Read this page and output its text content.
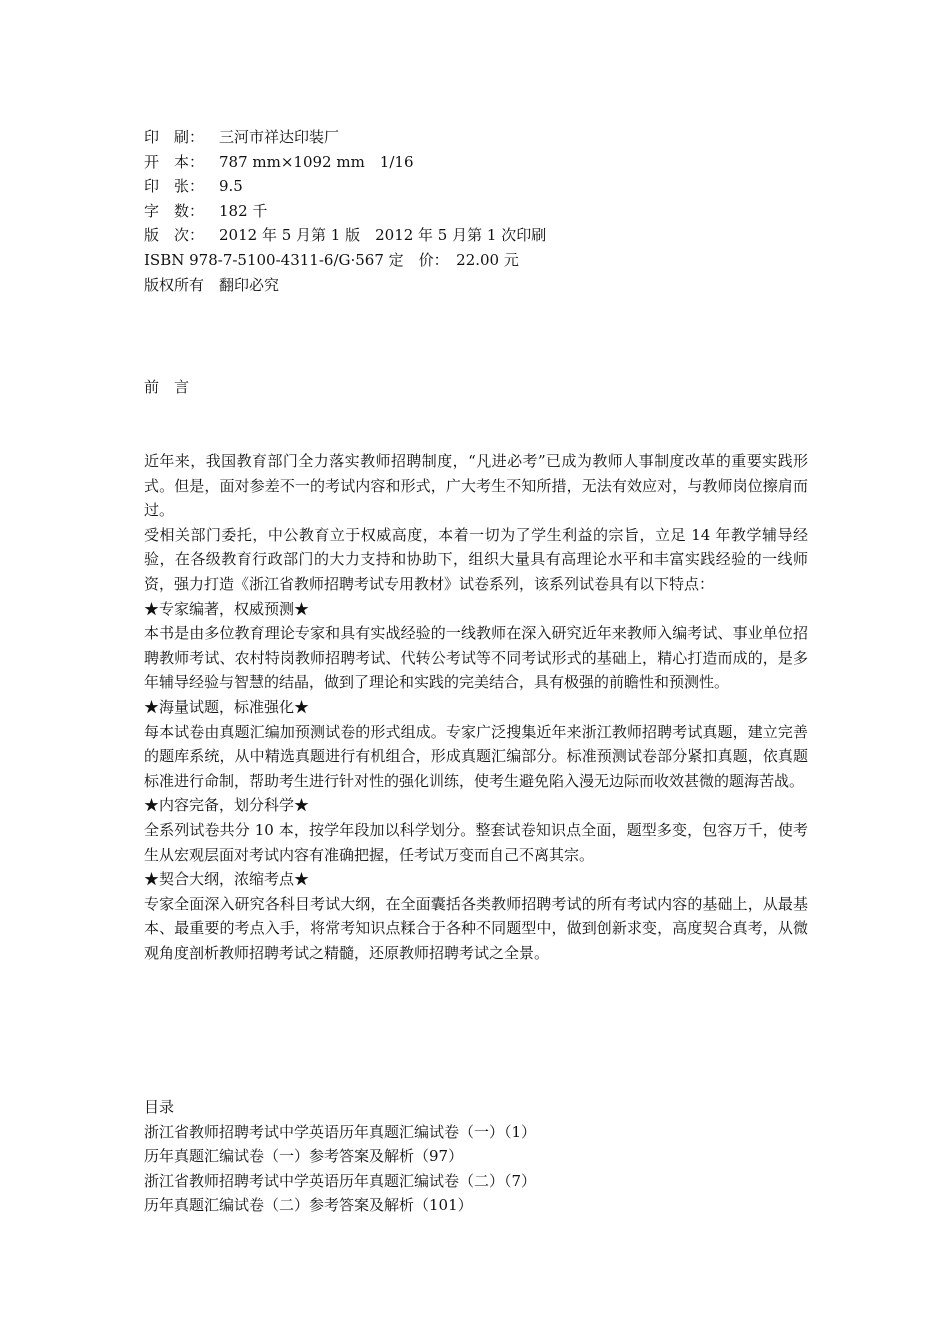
印　刷： 三河市祥达印装厂
开　本： 787 mm×1092 mm　1/16
印　张： 9.5
字　数： 182 千
版　次： 2012 年 5 月第 1 版　2012 年 5 月第 1 次印刷
ISBN 978-7-5100-4311-6/G·567 定　价：　22.00 元
版权所有　翻印必究
前　言
近年来，我国教育部门全力落实教师招聘制度，“凡进必考”已成为教师人事制度改革的重要实践形式。但是，面对参差不一的考试内容和形式，广大考生不知所措，无法有效应对，与教师岗位擦肩而过。
受相关部门委托，中公教育立于权威高度，本着一切为了学生利益的宗旨，立足 14 年教学辅导经验，在各级教育行政部门的大力支持和协助下，组织大量具有高理论水平和丰富实践经验的一线师资，强力打造《浙江省教师招聘考试专用教材》试卷系列，该系列试卷具有以下特点：
★专家编著，权威预测★
本书是由多位教育理论专家和具有实战经验的一线教师在深入研究近年来教师入编考试、事业单位招聘教师考试、农村特岗教师招聘考试、代转公考试等不同考试形式的基础上，精心打造而成的，是多年辅导经验与智慧的结晶，做到了理论和实践的完美结合，具有极强的前瞻性和预测性。
★海量试题，标准强化★
每本试卷由真题汇编加预测试卷的形式组成。专家广泛搜集近年来浙江教师招聘考试真题，建立完善的题库系统，从中精选真题进行有机组合，形成真题汇编部分。标准预测试卷部分紧扣真题，依真题标准进行命制，帮助考生进行针对性的强化训练，使考生避免陷入漫无边际而收效甚微的题海苦战。
★内容完备，划分科学★
全系列试卷共分 10 本，按学年段加以科学划分。整套试卷知识点全面，题型多变，包容万千，使考生从宏观层面对考试内容有准确把握，任考试万变而自己不离其宗。
★契合大纲，浓缩考点★
专家全面深入研究各科目考试大纲，在全面囊括各类教师招聘考试的所有考试内容的基础上，从最基本、最重要的考点入手，将常考知识点糅合于各种不同题型中，做到创新求变，高度契合真考，从微观角度剖析教师招聘考试之精髓，还原教师招聘考试之全景。
目录
浙江省教师招聘考试中学英语历年真题汇编试卷（一）（1）
历年真题汇编试卷（一）参考答案及解析（97）
浙江省教师招聘考试中学英语历年真题汇编试卷（二）（7）
历年真题汇编试卷（二）参考答案及解析（101）
